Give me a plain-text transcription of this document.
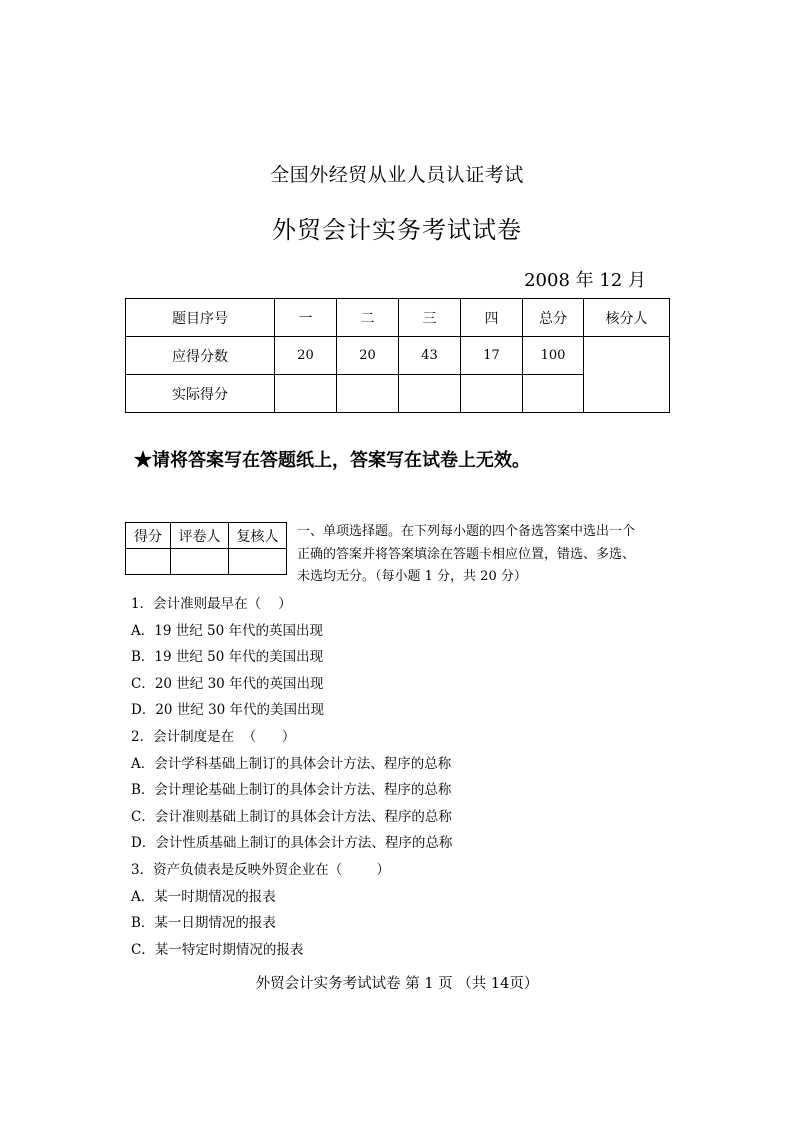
全国外经贸从业人员认证考试
外贸会计实务考试试卷
2008 年 12 月
题目序号	一	二	三	四	总分	核分人
应得分数	20	20	43	17	100	
实际得分						
★请将答案写在答题纸上，答案写在试卷上无效。
得分	评卷人	复核人
		一、单项选择题。在下列每小题的四个备选答案中选出一个
正确的答案并将答案填涂在答题卡相应位置，错选、多选、
未选均无分。（每小题 1 分，共 20 分）
1．会计准则最早在（    ）
A．19 世纪 50 年代的英国出现
B．19 世纪 50 年代的美国出现
C．20 世纪 30 年代的英国出现
D．20 世纪 30 年代的美国出现
2．会计制度是在  （      ）
A．会计学科基础上制订的具体会计方法、程序的总称
B．会计理论基础上制订的具体会计方法、程序的总称
C．会计准则基础上制订的具体会计方法、程序的总称
D．会计性质基础上制订的具体会计方法、程序的总称
3．资产负债表是反映外贸企业在（        ）
A．某一时期情况的报表
B．某一日期情况的报表
C．某一特定时期情况的报表
外贸会计实务考试试卷 第 1 页 （共 14页）
